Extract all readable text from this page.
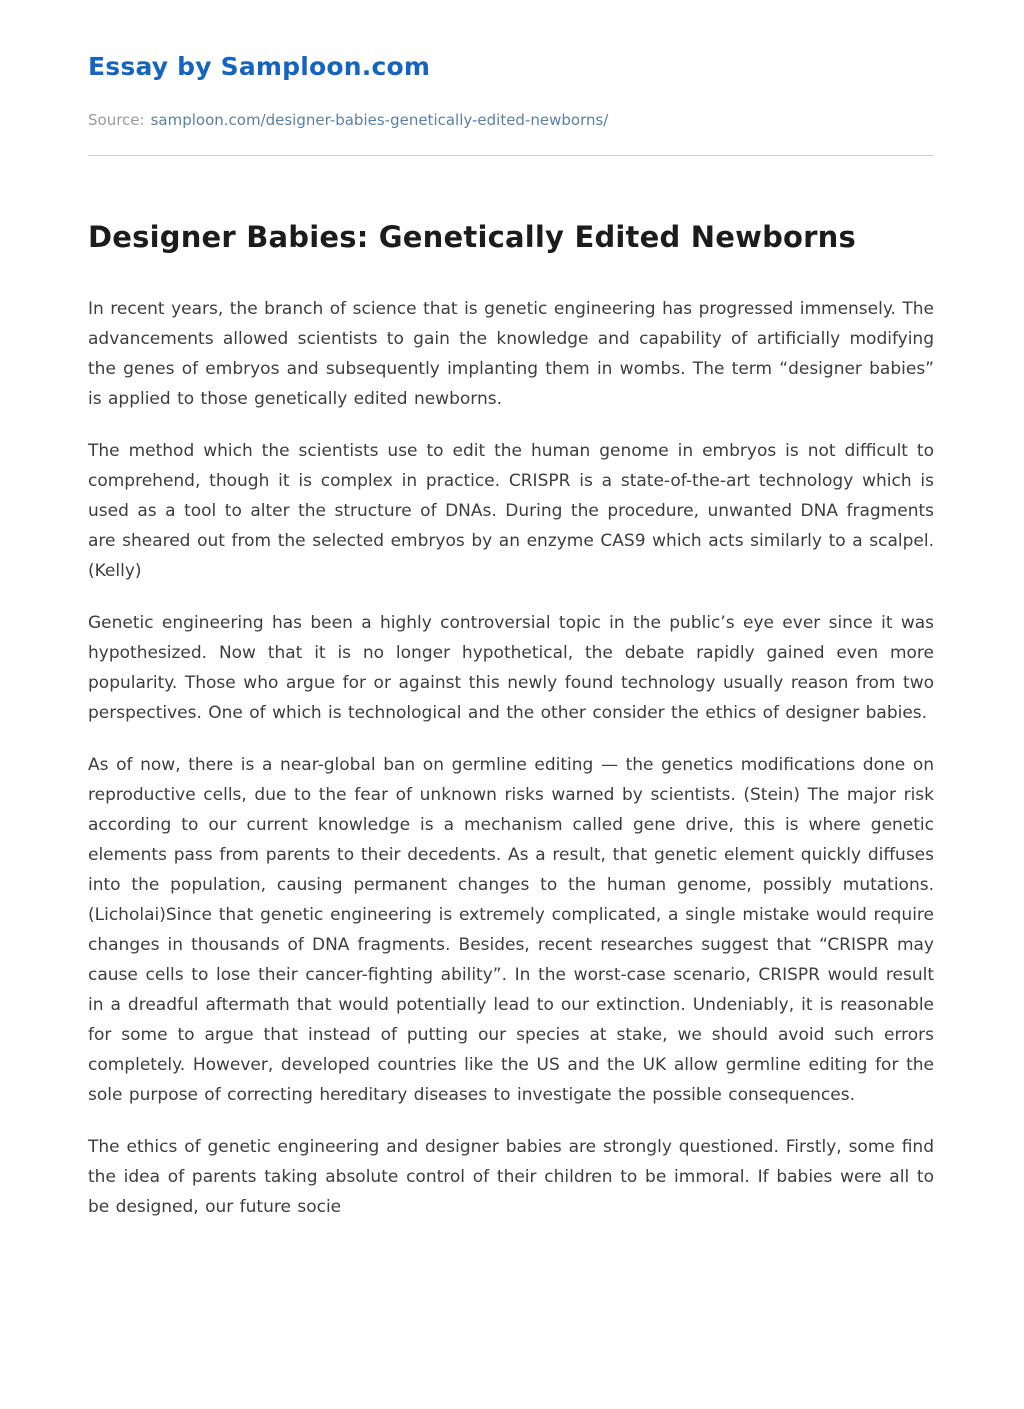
Essay by Samploon.com
Source: samploon.com/designer-babies-genetically-edited-newborns/
Designer Babies: Genetically Edited Newborns

In recent years, the branch of science that is genetic engineering has progressed immensely. The advancements allowed scientists to gain the knowledge and capability of artificially modifying the genes of embryos and subsequently implanting them in wombs. The term “designer babies” is applied to those genetically edited newborns.

The method which the scientists use to edit the human genome in embryos is not difficult to comprehend, though it is complex in practice. CRISPR is a state-of-the-art technology which is used as a tool to alter the structure of DNAs. During the procedure, unwanted DNA fragments are sheared out from the selected embryos by an enzyme CAS9 which acts similarly to a scalpel. (Kelly)

Genetic engineering has been a highly controversial topic in the public’s eye ever since it was hypothesized. Now that it is no longer hypothetical, the debate rapidly gained even more popularity. Those who argue for or against this newly found technology usually reason from two perspectives. One of which is technological and the other consider the ethics of designer babies.

As of now, there is a near-global ban on germline editing — the genetics modifications done on reproductive cells, due to the fear of unknown risks warned by scientists. (Stein) The major risk according to our current knowledge is a mechanism called gene drive, this is where genetic elements pass from parents to their decedents. As a result, that genetic element quickly diffuses into the population, causing permanent changes to the human genome, possibly mutations. (Licholai)Since that genetic engineering is extremely complicated, a single mistake would require changes in thousands of DNA fragments. Besides, recent researches suggest that “CRISPR may cause cells to lose their cancer-fighting ability”. In the worst-case scenario, CRISPR would result in a dreadful aftermath that would potentially lead to our extinction. Undeniably, it is reasonable for some to argue that instead of putting our species at stake, we should avoid such errors completely. However, developed countries like the US and the UK allow germline editing for the sole purpose of correcting hereditary diseases to investigate the possible consequences.

The ethics of genetic engineering and designer babies are strongly questioned. Firstly, some find the idea of parents taking absolute control of their children to be immoral. If babies were all to be designed, our future socie
